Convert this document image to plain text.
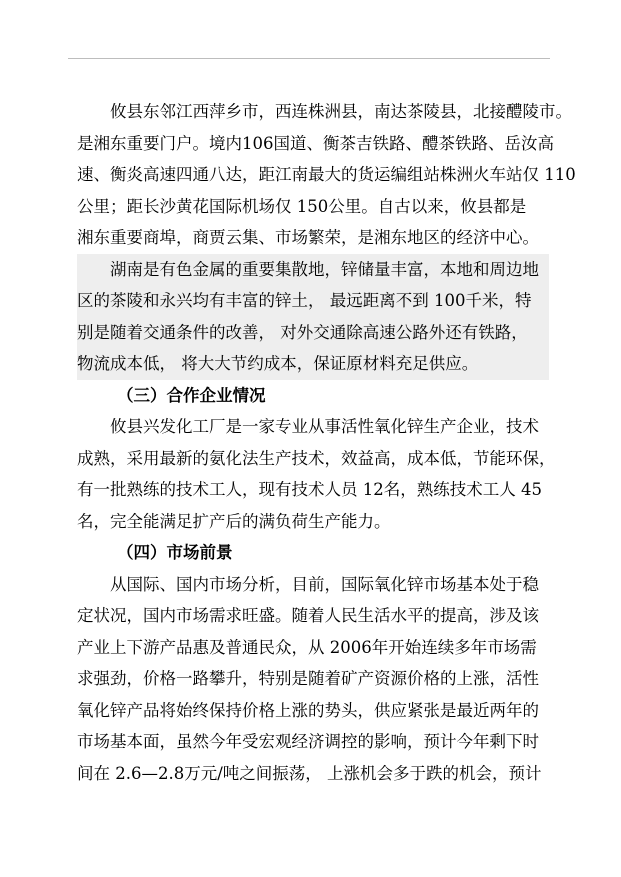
攸县东邻江西萍乡市，西连株洲县，南达茶陵县，北接醴陵市。
是湘东重要门户。境内106国道、衡茶吉铁路、醴茶铁路、岳汝高
速、衡炎高速四通八达，距江南最大的货运编组站株洲火车站仅 110
公里；距长沙黄花国际机场仅 150公里。自古以来，攸县都是
湘东重要商埠，商贾云集、市场繁荣，是湘东地区的经济中心。

湖南是有色金属的重要集散地，锌储量丰富，本地和周边地
区的茶陵和永兴均有丰富的锌土， 最远距离不到 100千米，特
别是随着交通条件的改善， 对外交通除高速公路外还有铁路，
物流成本低， 将大大节约成本，保证原材料充足供应。

（三）合作企业情况

攸县兴发化工厂是一家专业从事活性氧化锌生产企业，技术
成熟，采用最新的氨化法生产技术，效益高，成本低，节能环保，
有一批熟练的技术工人，现有技术人员 12名，熟练技术工人 45
名，完全能满足扩产后的满负荷生产能力。

（四）市场前景

从国际、国内市场分析，目前，国际氧化锌市场基本处于稳
定状况，国内市场需求旺盛。随着人民生活水平的提高，涉及该
产业上下游产品惠及普通民众，从 2006年开始连续多年市场需
求强劲，价格一路攀升，特别是随着矿产资源价格的上涨，活性
氧化锌产品将始终保持价格上涨的势头，供应紧张是最近两年的
市场基本面，虽然今年受宏观经济调控的影响，预计今年剩下时
间在 2.6—2.8万元/吨之间振荡， 上涨机会多于跌的机会，预计
